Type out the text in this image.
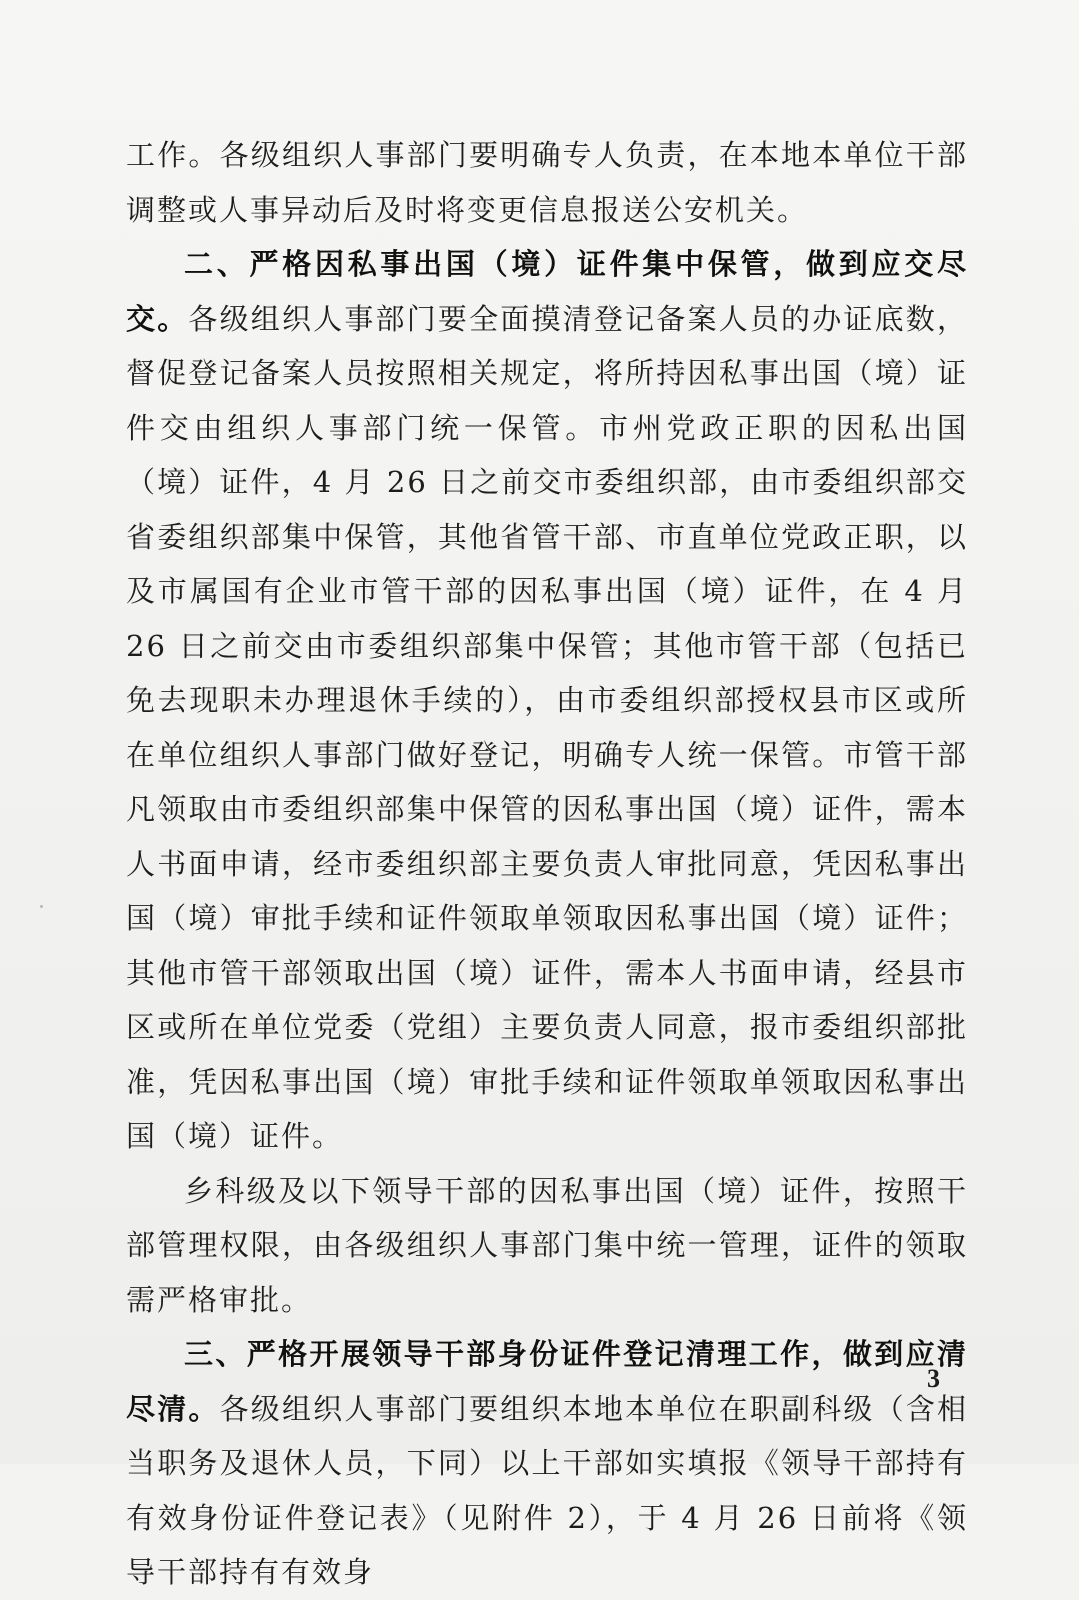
工作。各级组织人事部门要明确专人负责，在本地本单位干部调整或人事异动后及时将变更信息报送公安机关。

二、严格因私事出国（境）证件集中保管，做到应交尽交。各级组织人事部门要全面摸清登记备案人员的办证底数，督促登记备案人员按照相关规定，将所持因私事出国（境）证件交由组织人事部门统一保管。市州党政正职的因私出国（境）证件，4 月 26 日之前交市委组织部，由市委组织部交省委组织部集中保管，其他省管干部、市直单位党政正职，以及市属国有企业市管干部的因私事出国（境）证件，在 4 月 26 日之前交由市委组织部集中保管；其他市管干部（包括已免去现职未办理退休手续的），由市委组织部授权县市区或所在单位组织人事部门做好登记，明确专人统一保管。市管干部凡领取由市委组织部集中保管的因私事出国（境）证件，需本人书面申请，经市委组织部主要负责人审批同意，凭因私事出国（境）审批手续和证件领取单领取因私事出国（境）证件；其他市管干部领取出国（境）证件，需本人书面申请，经县市区或所在单位党委（党组）主要负责人同意，报市委组织部批准，凭因私事出国（境）审批手续和证件领取单领取因私事出国（境）证件。

乡科级及以下领导干部的因私事出国（境）证件，按照干部管理权限，由各级组织人事部门集中统一管理，证件的领取需严格审批。

三、严格开展领导干部身份证件登记清理工作，做到应清尽清。各级组织人事部门要组织本地本单位在职副科级（含相当职务及退休人员，下同）以上干部如实填报《领导干部持有有效身份证件登记表》（见附件 2），于 4 月 26 日前将《领导干部持有有效身

3
